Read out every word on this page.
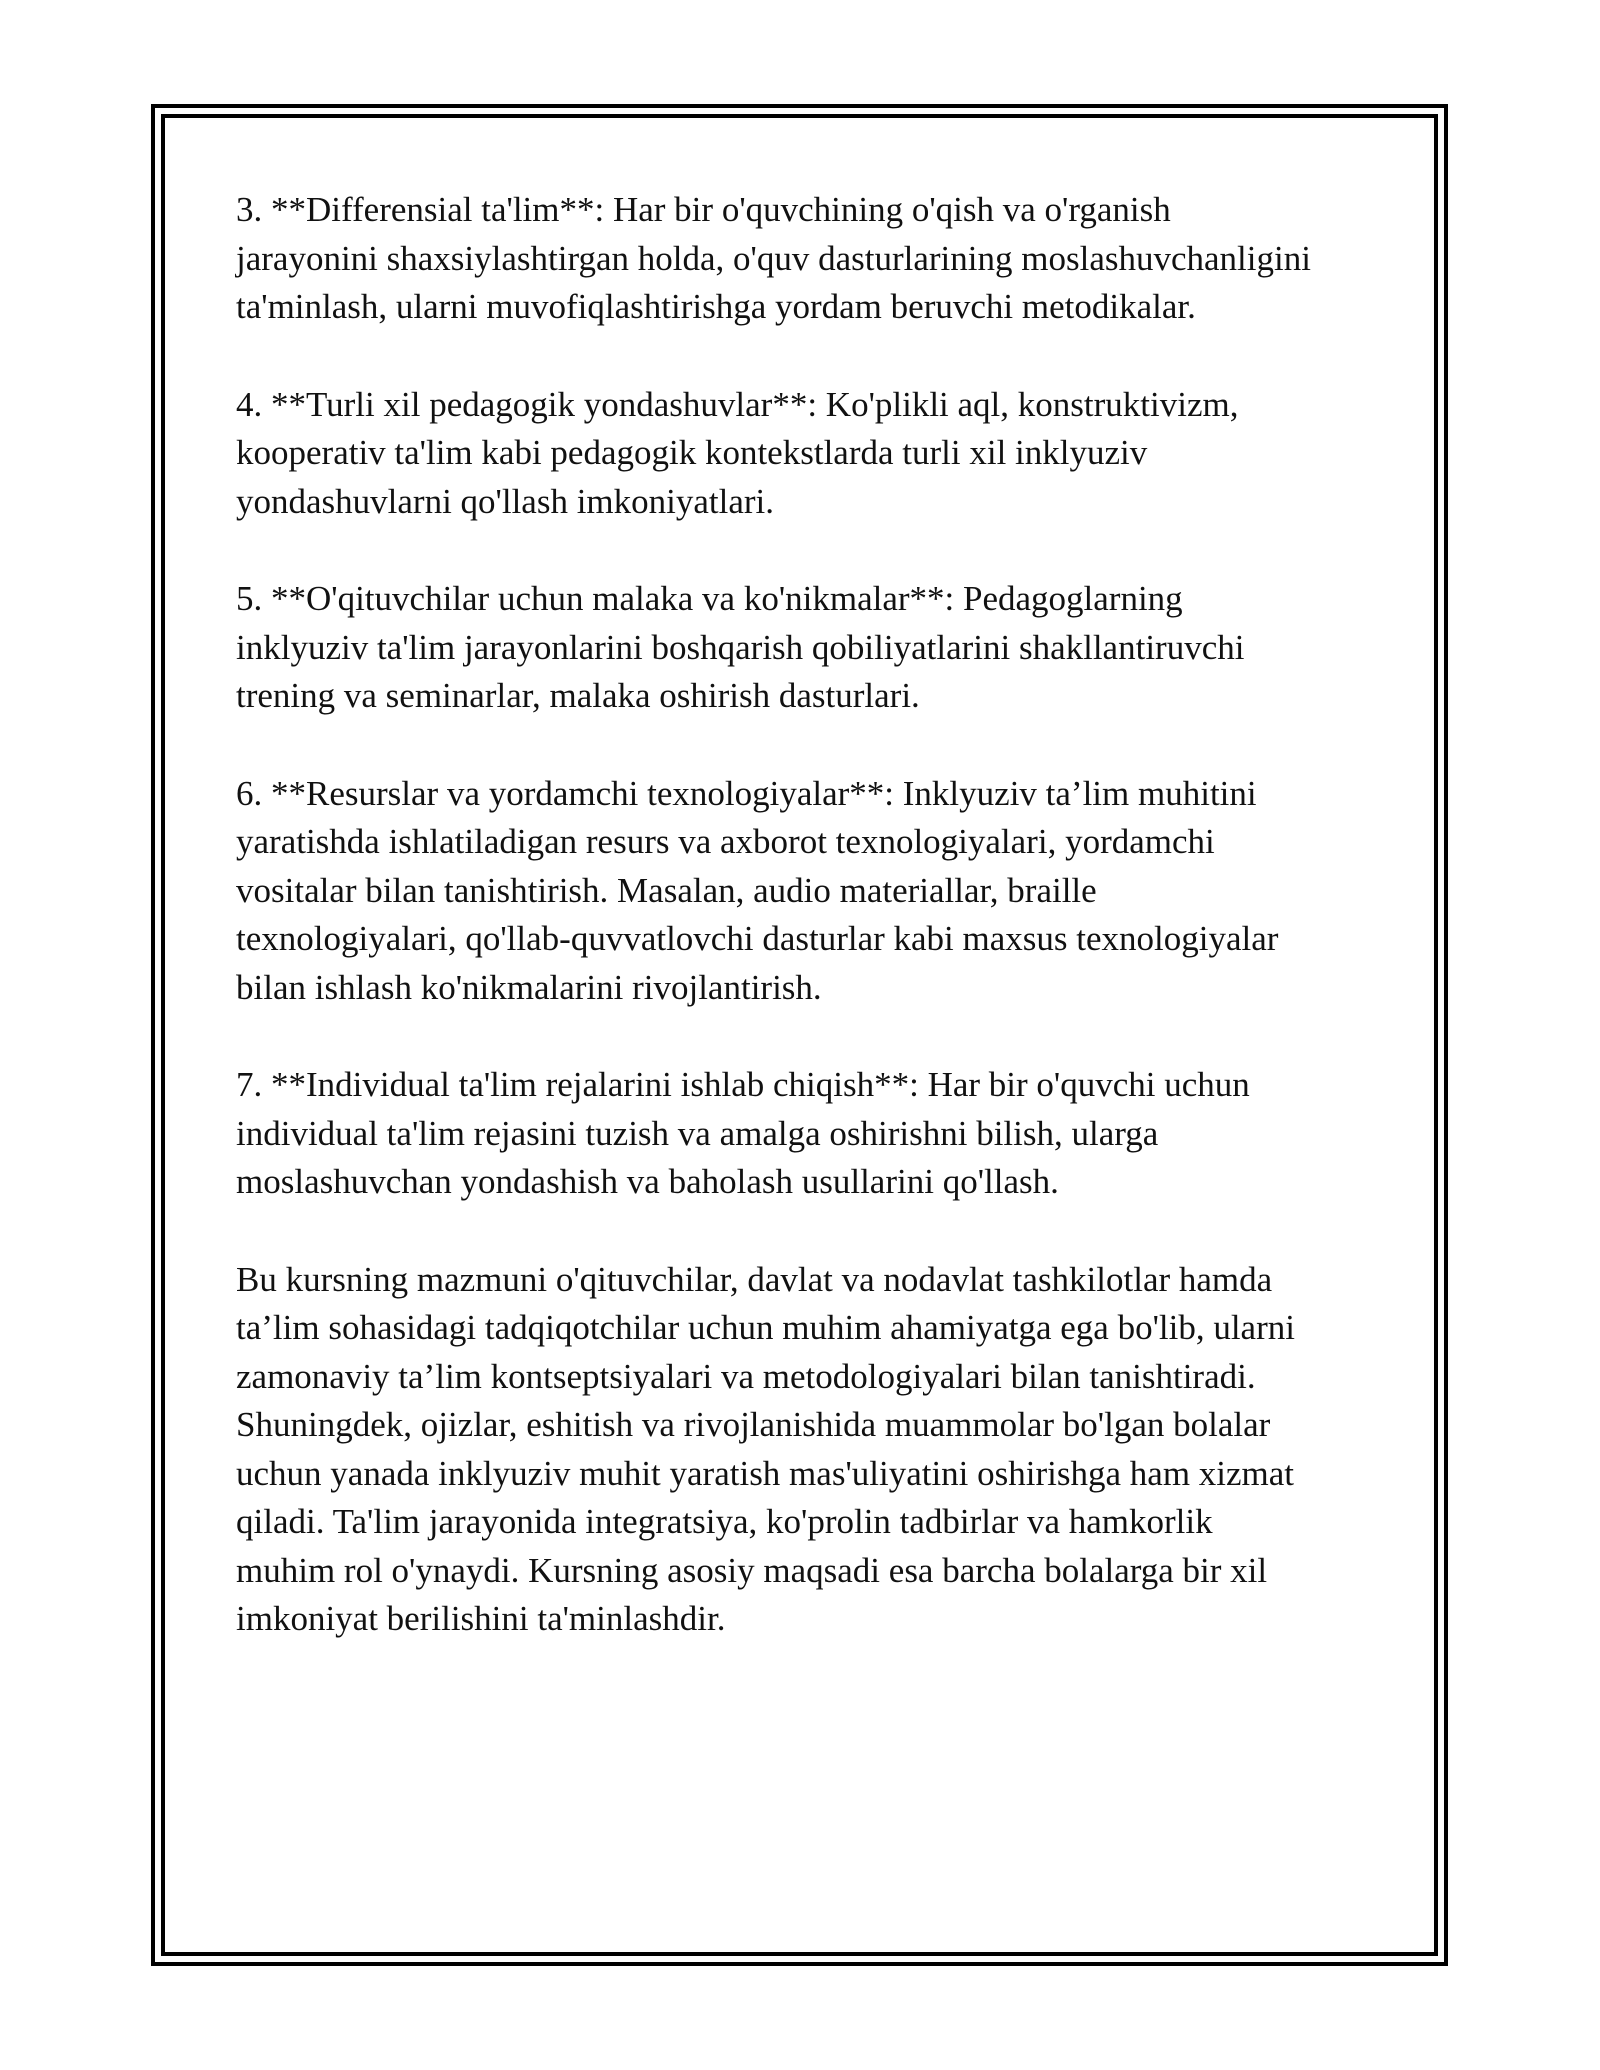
3. **Differensial ta'lim**: Har bir o'quvchining o'qish va o'rganish
jarayonini shaxsiylashtirgan holda, o'quv dasturlarining moslashuvchanligini
ta'minlash, ularni muvofiqlashtirishga yordam beruvchi metodikalar.

4. **Turli xil pedagogik yondashuvlar**: Ko'plikli aql, konstruktivizm,
kooperativ ta'lim kabi pedagogik kontekstlarda turli xil inklyuziv
yondashuvlarni qo'llash imkoniyatlari.

5. **O'qituvchilar uchun malaka va ko'nikmalar**: Pedagoglarning
inklyuziv ta'lim jarayonlarini boshqarish qobiliyatlarini shakllantiruvchi
trening va seminarlar, malaka oshirish dasturlari.

6. **Resurslar va yordamchi texnologiyalar**: Inklyuziv ta’lim muhitini
yaratishda ishlatiladigan resurs va axborot texnologiyalari, yordamchi
vositalar bilan tanishtirish. Masalan, audio materiallar, braille
texnologiyalari, qo'llab-quvvatlovchi dasturlar kabi maxsus texnologiyalar
bilan ishlash ko'nikmalarini rivojlantirish.

7. **Individual ta'lim rejalarini ishlab chiqish**: Har bir o'quvchi uchun
individual ta'lim rejasini tuzish va amalga oshirishni bilish, ularga
moslashuvchan yondashish va baholash usullarini qo'llash.

Bu kursning mazmuni o'qituvchilar, davlat va nodavlat tashkilotlar hamda
ta’lim sohasidagi tadqiqotchilar uchun muhim ahamiyatga ega bo'lib, ularni
zamonaviy ta’lim kontseptsiyalari va metodologiyalari bilan tanishtiradi.
Shuningdek, ojizlar, eshitish va rivojlanishida muammolar bo'lgan bolalar
uchun yanada inklyuziv muhit yaratish mas'uliyatini oshirishga ham xizmat
qiladi. Ta'lim jarayonida integratsiya, ko'prolin tadbirlar va hamkorlik
muhim rol o'ynaydi. Kursning asosiy maqsadi esa barcha bolalarga bir xil
imkoniyat berilishini ta'minlashdir.
